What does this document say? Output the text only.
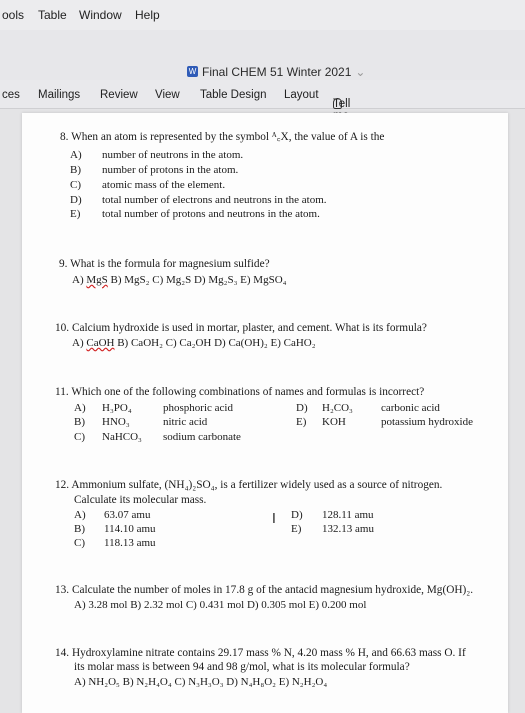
ools Table Window Help
W Final CHEM 51 Winter 2021 ⌄
ces Mailings Review View Table Design Layout
Tell
8. When an atom is represented by the symbol ᴬ꜀X, the value of A is the
A) number of neutrons in the atom.
B) number of protons in the atom.
C) atomic mass of the element.
D) total number of electrons and neutrons in the atom.
E) total number of protons and neutrons in the atom.
9. What is the formula for magnesium sulfide?
A) MgS B) MgS₂ C) Mg₂S D) Mg₂S₃ E) MgSO₄
10. Calcium hydroxide is used in mortar, plaster, and cement. What is its formula?
A) CaOH B) CaOH₂ C) Ca₂OH D) Ca(OH)₂ E) CaHO₂
11. Which one of the following combinations of names and formulas is incorrect?
A) H₃PO₄	phosphoric acid
B) HNO₃	nitric acid
C) NaHCO₃ sodium carbonate
D) H₂CO₃	carbonic acid
E) KOH	potassium hydroxide
12. Ammonium sulfate, (NH₄)₂SO₄, is a fertilizer widely used as a source of nitrogen.
Calculate its molecular mass.
A) 63.07 amu
B) 114.10 amu
C) 118.13 amu
D) 128.11 amu
E) 132.13 amu
I
13. Calculate the number of moles in 17.8 g of the antacid magnesium hydroxide, Mg(OH)₂.
A) 3.28 mol B) 2.32 mol C) 0.431 mol D) 0.305 mol E) 0.200 mol
14. Hydroxylamine nitrate contains 29.17 mass % N, 4.20 mass % H, and 66.63 mass O. If
its molar mass is between 94 and 98 g/mol, what is its molecular formula?
A) NH₂O₅ B) N₂H₄O₄ C) N₃H₃O₃ D) N₄H₈O₂ E) N₂H₂O₄
